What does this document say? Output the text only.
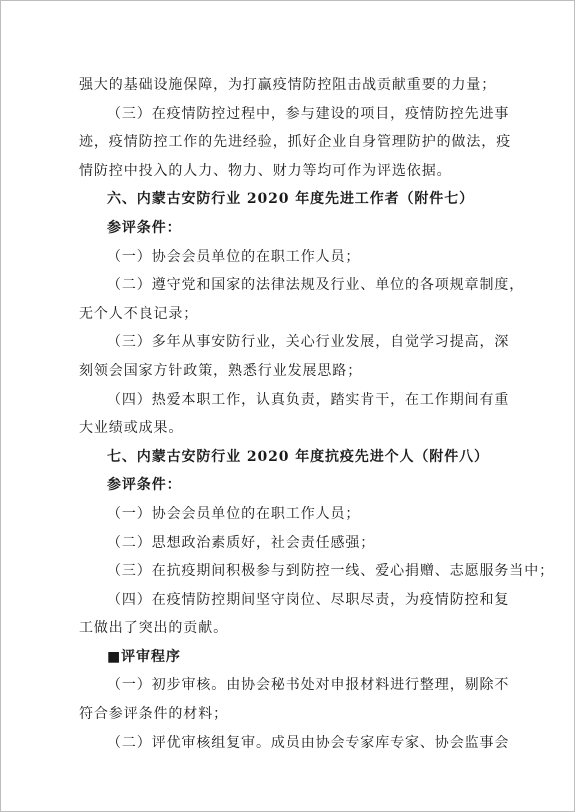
强大的基础设施保障，为打赢疫情防控阻击战贡献重要的力量；
（三）在疫情防控过程中，参与建设的项目，疫情防控先进事
迹，疫情防控工作的先进经验，抓好企业自身管理防护的做法，疫
情防控中投入的人力、物力、财力等均可作为评选依据。
六、内蒙古安防行业 2020 年度先进工作者（附件七）
参评条件：
（一）协会会员单位的在职工作人员；
（二）遵守党和国家的法律法规及行业、单位的各项规章制度，
无个人不良记录；
（三）多年从事安防行业，关心行业发展，自觉学习提高，深
刻领会国家方针政策，熟悉行业发展思路；
（四）热爱本职工作，认真负责，踏实肯干，在工作期间有重
大业绩或成果。
七、内蒙古安防行业 2020 年度抗疫先进个人（附件八）
参评条件：
（一）协会会员单位的在职工作人员；
（二）思想政治素质好，社会责任感强；
（三）在抗疫期间积极参与到防控一线、爱心捐赠、志愿服务当中；
（四）在疫情防控期间坚守岗位、尽职尽责，为疫情防控和复
工做出了突出的贡献。
■评审程序
（一）初步审核。由协会秘书处对申报材料进行整理，剔除不
符合参评条件的材料；
（二）评优审核组复审。成员由协会专家库专家、协会监事会
